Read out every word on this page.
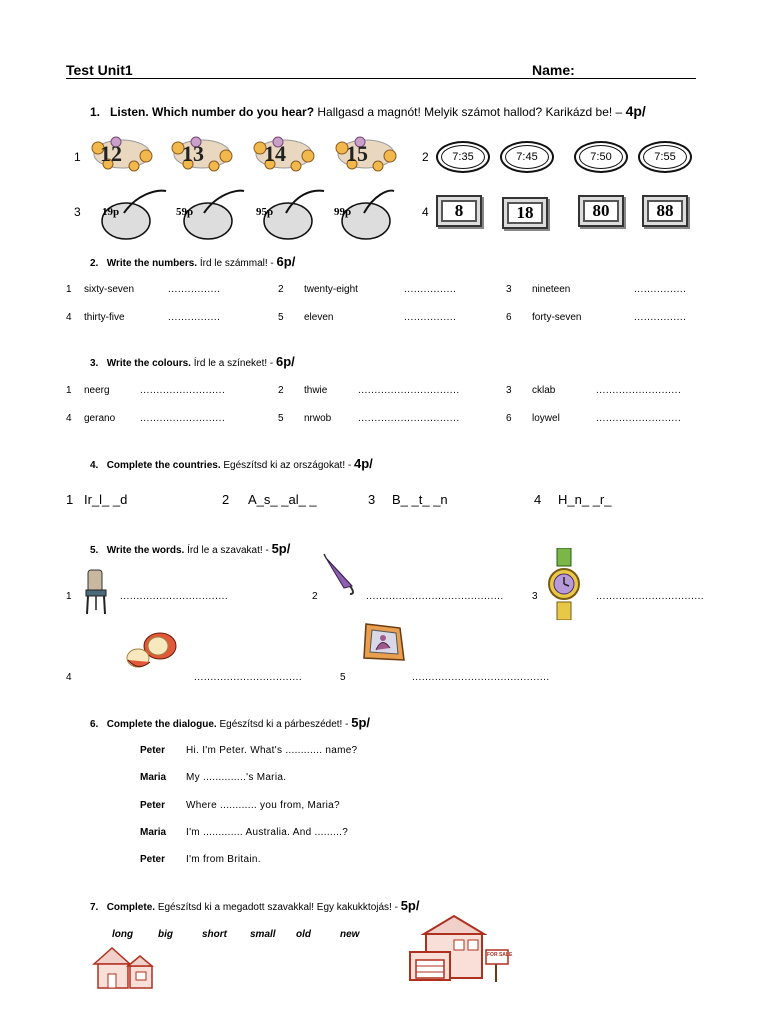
Test Unit1	Name:
1. Listen. Which number do you hear? Hallgasd a magnót! Melyik számot hallod? Karikázd be! – 4p/
1 12	13	14	15	2	7:35	7:45	7:50	7:55
3 19p	59p	95p	99p	4	8	18	80	88
2. Write the numbers. Írd le számmal! - 6p/
1 sixty-seven	................	2 twenty-eight	................	3 nineteen	................
4 thirty-five	................	5 eleven	................	6 forty-seven	................
3. Write the colours. Írd le a színeket! - 6p/
1 neerg	..........................	2 thwie	...............................	3 cklab	..........................
4 gerano ..........................	5 nrwob	...............................	6 loywel	..........................
4. Complete the countries. Egészítsd ki az országokat! - 4p/
1 Ir_l_ _d	2 A_s_ _al_ _	3 B_ _t_ _n	4 H_n_ _r_
5. Write the words. Írd le a szavakat! - 5p/
1	.................................	2	..........................................	3	.................................
4	.................................	5	..........................................
6. Complete the dialogue. Egészítsd ki a párbeszédet! - 5p/
Peter Hi. I'm Peter. What's ............ name?
Maria My ..............'s Maria.
Peter Where ............ you from, Maria?
Maria I'm ............. Australia. And .........?
Peter I'm from Britain.
7. Complete. Egészítsd ki a megadott szavakkal! Egy kakukktojás! - 5p/
long big	short small old	new
FOR SALE
